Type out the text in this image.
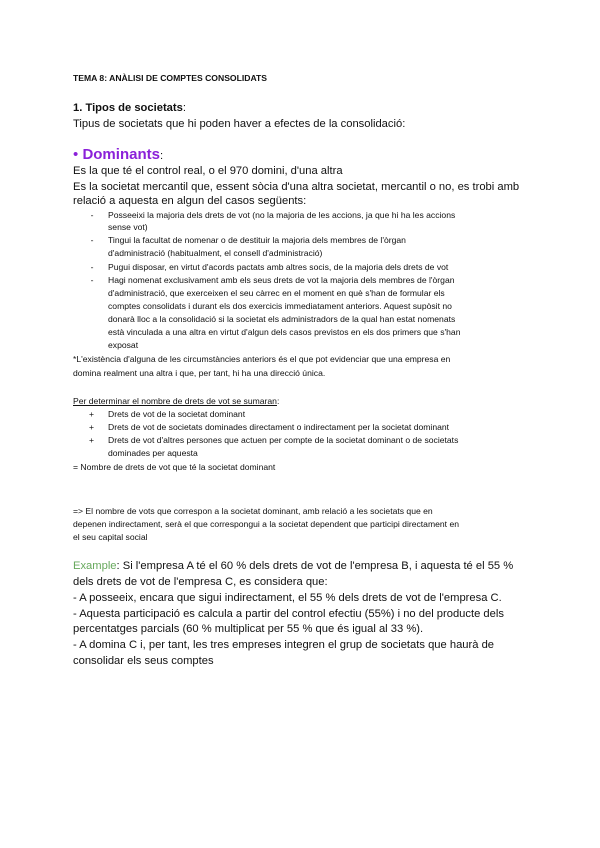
TEMA 8: ANÀLISI DE COMPTES CONSOLIDATS
1. Tipos de societats:
Tipus de societats que hi poden haver a efectes de la consolidació:
• Dominants:
Es la que té el control real, o el 970 domini, d'una altra
Es la societat mercantil que, essent sòcia d'una altra societat, mercantil o no, es trobi amb
relació a aquesta en algun del casos següents:
-	Posseeixi la majoria dels drets de vot (no la majoria de les accions, ja que hi ha les accions
sense vot)
-	Tingui la facultat de nomenar o de destituir la majoria dels membres de l'òrgan
d'administració (habitualment, el consell d'administració)
-	Pugui disposar, en virtut d'acords pactats amb altres socis, de la majoria dels drets de vot
-	Hagi nomenat exclusivament amb els seus drets de vot la majoria dels membres de l'òrgan
d'administració, que exerceixen el seu càrrec en el moment en què s'han de formular els
comptes consolidats i durant els dos exercicis immediatament anteriors. Aquest supòsit no
donarà lloc a la consolidació si la societat els administradors de la qual han estat nomenats
està vinculada a una altra en virtut d'algun dels casos previstos en els dos primers que s'han
exposat
*L'existència d'alguna de les circumstàncies anteriors és el que pot evidenciar que una empresa en
domina realment una altra i que, per tant, hi ha una direcció única.
Per determinar el nombre de drets de vot se sumaran:
+ Drets de vot de la societat dominant
+ Drets de vot de societats dominades directament o indirectament per la societat dominant
+ Drets de vot d'altres persones que actuen per compte de la societat dominant o de societats
dominades per aquesta
= Nombre de drets de vot que té la societat dominant
=> El nombre de vots que correspon a la societat dominant, amb relació a les societats que en
depenen indirectament, serà el que correspongui a la societat dependent que participi directament en
el seu capital social
Example: Si l'empresa A té el 60 % dels drets de vot de l'empresa B, i aquesta té el 55 %
dels drets de vot de l'empresa C, es considera que:
- A posseeix, encara que sigui indirectament, el 55 % dels drets de vot de l'empresa C.
- Aquesta participació es calcula a partir del control efectiu (55%) i no del producte dels
percentatges parcials (60 % multiplicat per 55 % que és igual al 33 %).
- A domina C i, per tant, les tres empreses integren el grup de societats que haurà de
consolidar els seus comptes
